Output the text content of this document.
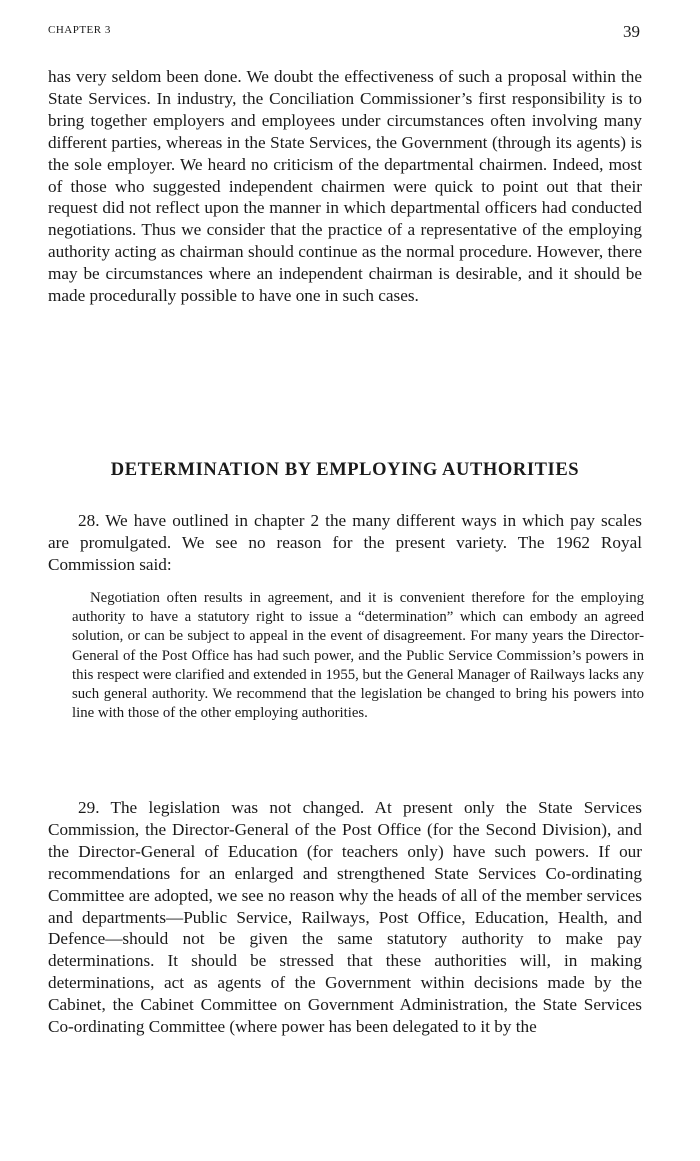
CHAPTER 3	39

has very seldom been done. We doubt the effectiveness of such a proposal within the State Services. In industry, the Conciliation Commissioner’s first responsibility is to bring together employers and employees under circumstances often involving many different parties, whereas in the State Services, the Government (through its agents) is the sole employer. We heard no criticism of the departmental chairmen. Indeed, most of those who suggested independent chairmen were quick to point out that their request did not reflect upon the manner in which departmental officers had conducted negotiations. Thus we consider that the practice of a representative of the employing authority acting as chairman should continue as the normal procedure. However, there may be circumstances where an independent chairman is desirable, and it should be made procedurally possible to have one in such cases.

DETERMINATION BY EMPLOYING AUTHORITIES

28. We have outlined in chapter 2 the many different ways in which pay scales are promulgated. We see no reason for the present variety. The 1962 Royal Commission said:

Negotiation often results in agreement, and it is convenient therefore for the employing authority to have a statutory right to issue a “determination” which can embody an agreed solution, or can be subject to appeal in the event of disagreement. For many years the Director-General of the Post Office has had such power, and the Public Service Commission’s powers in this respect were clarified and extended in 1955, but the General Manager of Railways lacks any such general authority. We recommend that the legislation be changed to bring his powers into line with those of the other employing authorities.

29. The legislation was not changed. At present only the State Services Commission, the Director-General of the Post Office (for the Second Division), and the Director-General of Education (for teachers only) have such powers. If our recommendations for an enlarged and strengthened State Services Co-ordinating Committee are adopted, we see no reason why the heads of all of the member services and departments—Public Service, Railways, Post Office, Education, Health, and Defence—should not be given the same statutory authority to make pay determinations. It should be stressed that these authorities will, in making determinations, act as agents of the Government within decisions made by the Cabinet, the Cabinet Committee on Government Administration, the State Services Co-ordinating Committee (where power has been delegated to it by the
